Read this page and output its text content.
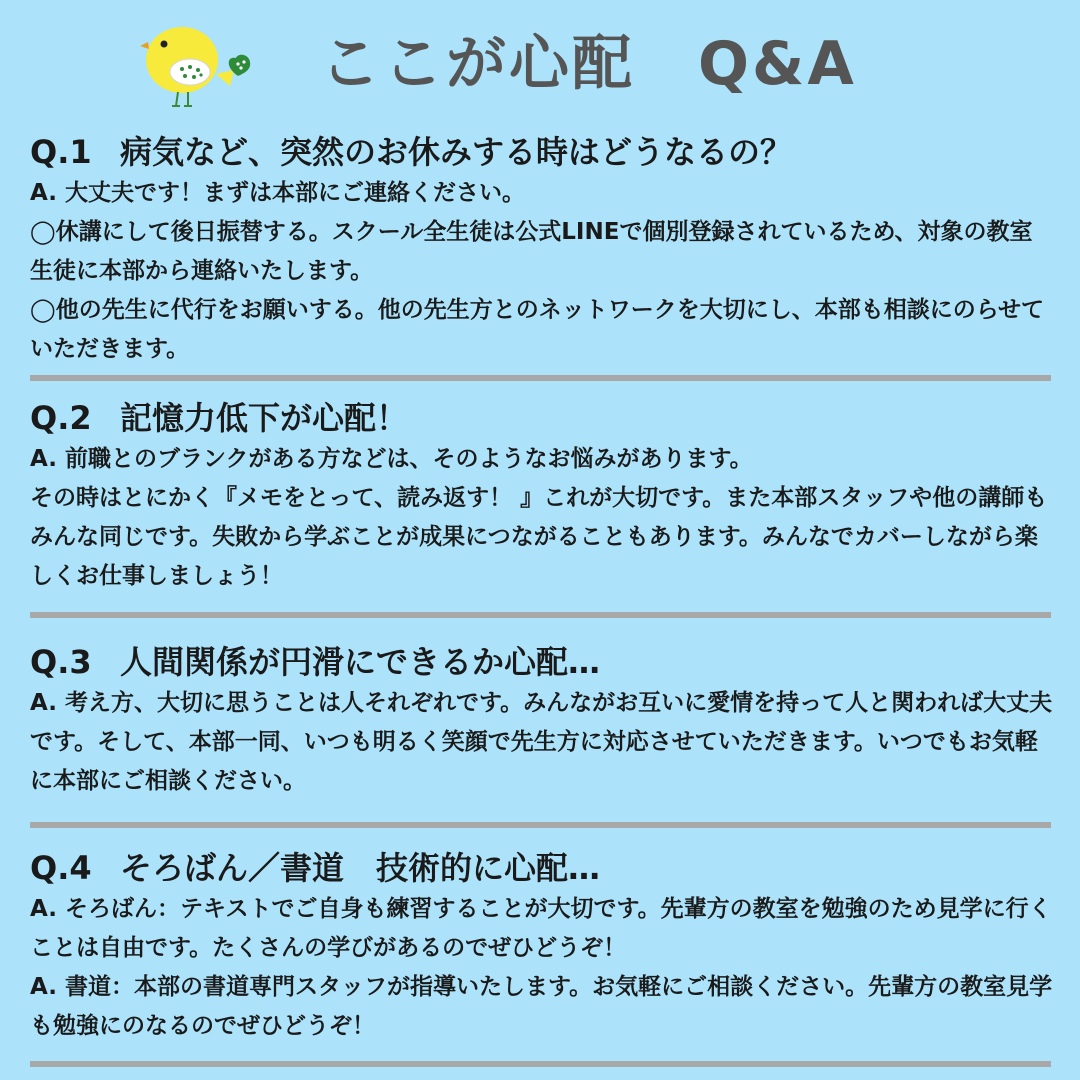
ここが心配　Q&A
Q.1 病気など、突然のお休みする時はどうなるの？

A. 大丈夫です！まずは本部にご連絡ください。

◯休講にして後日振替する。スクール全生徒は公式LINEで個別登録されているため、対象の教室生徒に本部から連絡いたします。

◯他の先生に代行をお願いする。他の先生方とのネットワークを大切にし、本部も相談にのらせていただきます。

Q.2 記憶力低下が心配！

A. 前職とのブランクがある方などは、そのようなお悩みがあります。

その時はとにかく『メモをとって、読み返す！ 』これが大切です。また本部スタッフや他の講師もみんな同じです。失敗から学ぶことが成果につながることもあります。みんなでカバーしながら楽しくお仕事しましょう！

Q.3 人間関係が円滑にできるか心配…

A. 考え方、大切に思うことは人それぞれです。みんながお互いに愛情を持って人と関われば大丈夫です。そして、本部一同、いつも明るく笑顔で先生方に対応させていただきます。いつでもお気軽に本部にご相談ください。

Q.4 そろばん／書道　技術的に心配…

A. そろばん：テキストでご自身も練習することが大切です。先輩方の教室を勉強のため見学に行くことは自由です。たくさんの学びがあるのでぜひどうぞ！

A. 書道：本部の書道専門スタッフが指導いたします。お気軽にご相談ください。先輩方の教室見学も勉強にのなるのでぜひどうぞ！
